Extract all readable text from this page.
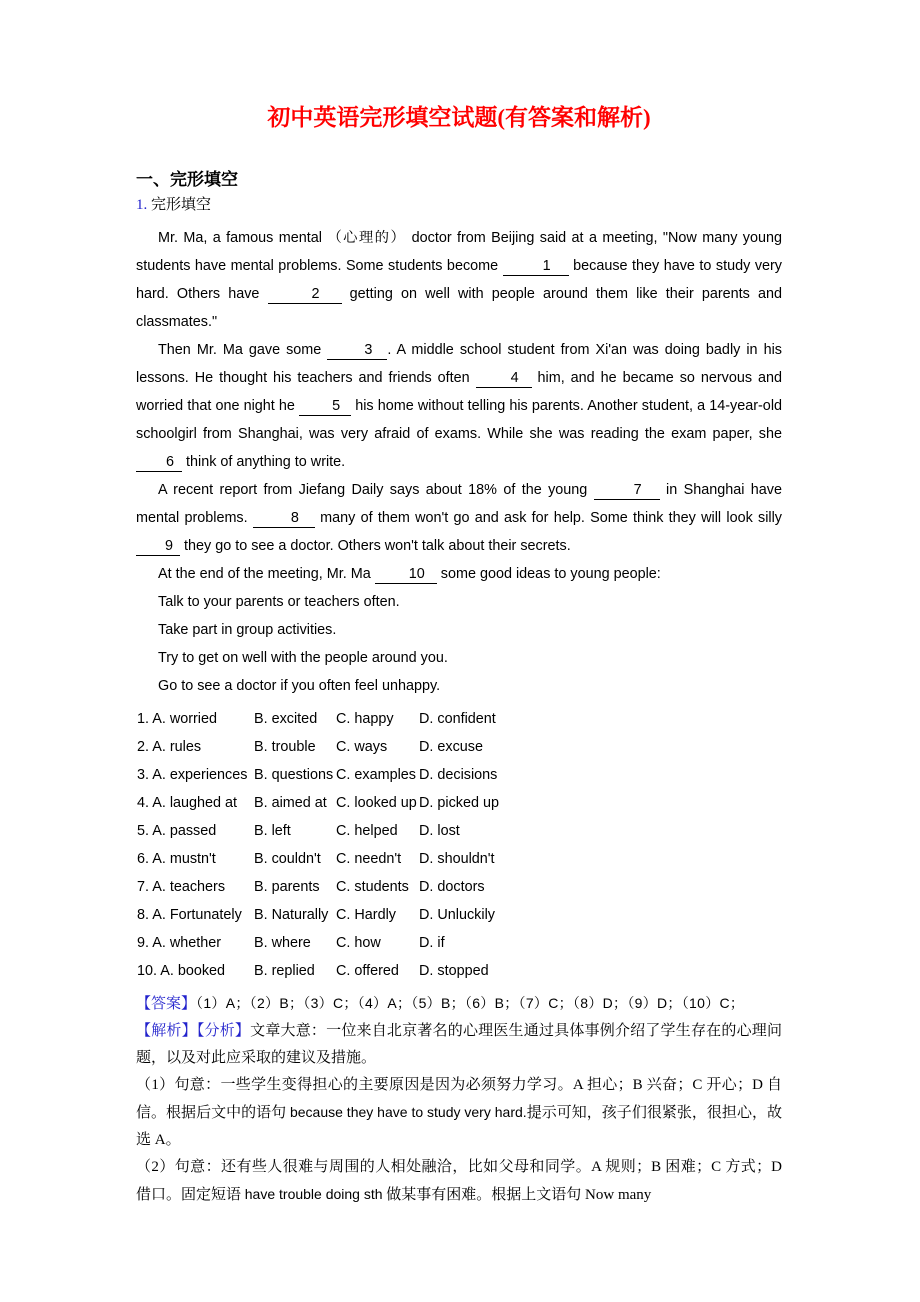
初中英语完形填空试题(有答案和解析)
一、完形填空

1. 完形填空

Mr. Ma, a famous mental （心理的） doctor from Beijing said at a meeting, "Now many young students have mental problems. Some students become	1 because they have to study very hard. Others have	2 getting on well with people around them like their parents and classmates."

Then Mr. Ma gave some	3 . A middle school student from Xi'an was doing badly in his lessons. He thought his teachers and friends often	4 him, and he became so nervous and worried that one night he	5 his home without telling his parents. Another student, a 14-year-old schoolgirl from Shanghai, was very afraid of exams. While she was reading the exam paper, she 6 think of anything to write.

A recent report from Jiefang Daily says about 18% of the young	7 in Shanghai have mental problems.	8 many of them won't go and ask for help. Some think they will look silly 9 they go to see a doctor. Others won't talk about their secrets.

At the end of the meeting, Mr. Ma	10 some good ideas to young people:

Talk to your parents or teachers often.

Take part in group activities.

Try to get on well with the people around you.

Go to see a doctor if you often feel unhappy.

1. A. worried	B. excited C. happy D. confident
2. A. rules	B. trouble C. ways D. excuse
3. A. experiences B. questions C. examples D. decisions
4. A. laughed at B. aimed at C. looked up D. picked up
5. A. passed	B. left	C. helped D. lost
6. A. mustn't	B. couldn't C. needn't D. shouldn't
7. A. teachers B. parents C. students D. doctors
8. A. Fortunately B. Naturally C. Hardly D. Unluckily
9. A. whether B. where C. how	D. if
10. A. booked B. replied C. offered D. stopped

【答案】（1）A；（2）B；（3）C；（4）A；（5）B；（6）B；（7）C；（8）D；（9）D；（10）C；

【解析】【分析】文章大意：一位来自北京著名的心理医生通过具体事例介绍了学生存在的心理问题，以及对此应采取的建议及措施。

（1）句意：一些学生变得担心的主要原因是因为必须努力学习。A 担心；B 兴奋；C 开心；D 自信。根据后文中的语句 because they have to study very hard.提示可知，孩子们很紧张，很担心，故选 A。

（2）句意：还有些人很难与周围的人相处融洽，比如父母和同学。A 规则；B 困难；C 方式；D 借口。固定短语 have trouble doing sth 做某事有困难。根据上文语句 Now many
